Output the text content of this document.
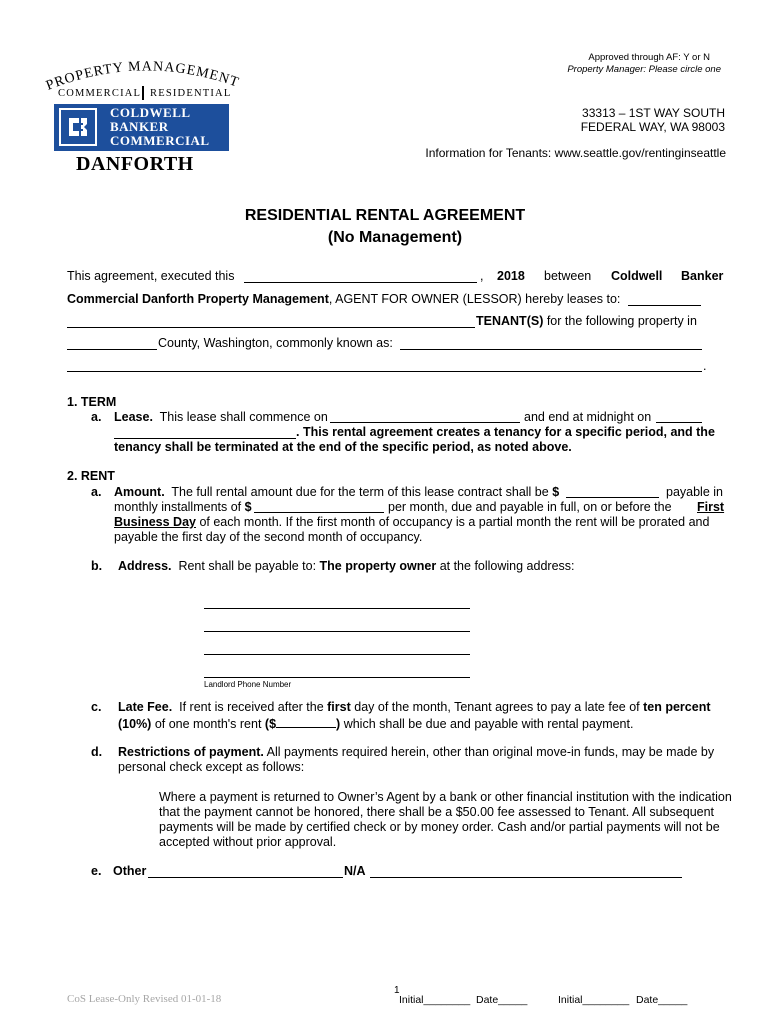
Approved through AF: Y or N
Property Manager: Please circle one
33313 – 1ST WAY SOUTH
FEDERAL WAY, WA 98003
Information for Tenants: www.seattle.gov/rentinginseattle
PROPERTY MANAGEMENT
COMMERCIAL RESIDENTIAL
COLDWELL
BANKER
COMMERCIAL
DANFORTH
RESIDENTIAL RENTAL AGREEMENT
(No Management)
This agreement, executed this	, 2018 between Coldwell Banker
Commercial Danforth Property Management, AGENT FOR OWNER (LESSOR) hereby leases to:
TENANT(S) for the following property in
County, Washington, commonly known as:
.
1. TERM
a. Lease. This lease shall commence on	and end at midnight on
. This rental agreement creates a tenancy for a specific period, and the
tenancy shall be terminated at the end of the specific period, as noted above.
2. RENT
a. Amount. The full rental amount due for the term of this lease contract shall be $	payable in
monthly installments of $	per month, due and payable in full, on or before the First
Business Day of each month. If the first month of occupancy is a partial month the rent will be prorated and
payable the first day of the second month of occupancy.
b. Address. Rent shall be payable to: The property owner at the following address:
Landlord Phone Number
c. Late Fee. If rent is received after the first day of the month, Tenant agrees to pay a late fee of ten percent
(10%) of one month's rent ($	) which shall be due and payable with rental payment.
d. Restrictions of payment. All payments required herein, other than original move-in funds, may be made by
personal check except as follows:
Where a payment is returned to Owner’s Agent by a bank or other financial institution with the indication
that the payment cannot be honored, there shall be a $50.00 fee assessed to Tenant. All subsequent
payments will be made by certified check or by money order. Cash and/or partial payments will not be
accepted without prior approval.
e. Other	N/A
CoS Lease-Only Revised 01-01-18
1
Initial________ Date_____	Initial________ Date_____
